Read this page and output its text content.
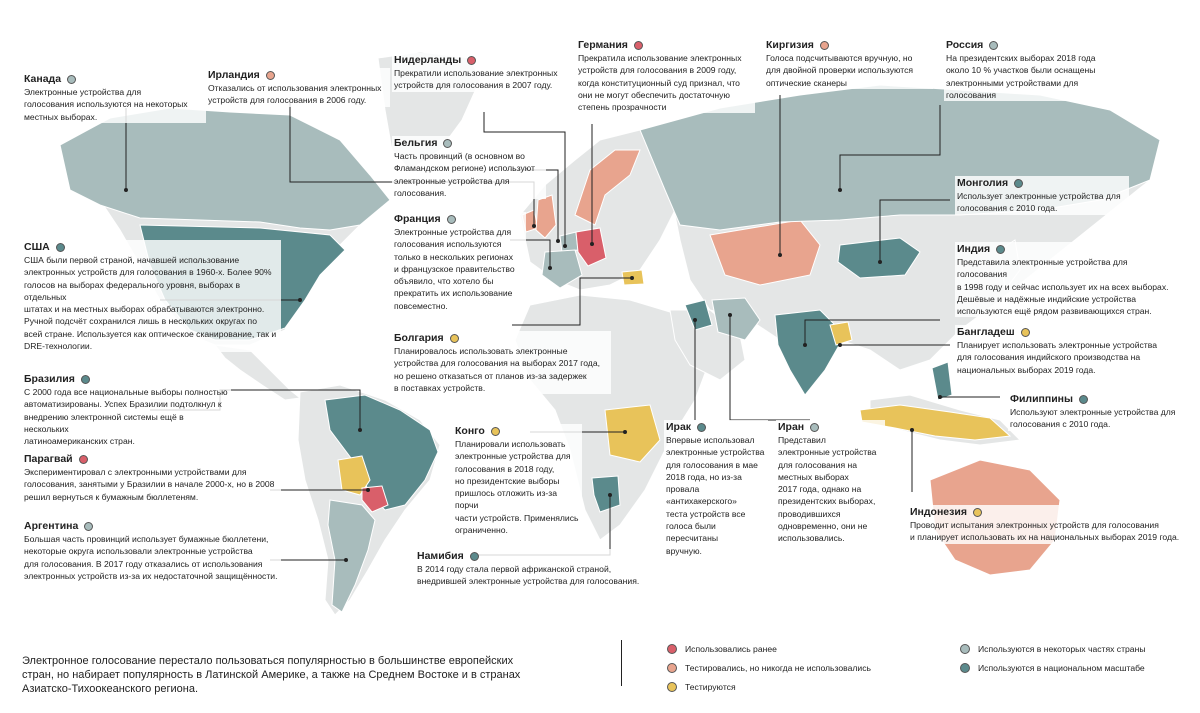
Канада
Электронные устройства для
голосования используются на некоторых
местных выборах.
Ирландия
Отказались от использования электронных
устройств для голосования в 2006 году.
Нидерланды
Прекратили использование электронных
устройств для голосования в 2007 году.
Германия
Прекратила использование электронных
устройств для голосования в 2009 году,
когда конституционный суд признал, что
они не могут обеспечить достаточную
степень прозрачности
Киргизия
Голоса подсчитываются вручную, но
для двойной проверки используются
оптические сканеры
Россия
На президентских выборах 2018 года
около 10 % участков были оснащены
электронными устройствами для
голосования
Бельгия
Часть провинций (в основном во
Фламандском регионе) используют
электронные устройства для
голосования.
Монголия
Использует электронные устройства для
голосования с 2010 года.
Франция
Электронные устройства для
голосования используются
только в нескольких регионах
и французское правительство
объявило, что хотело бы
прекратить их использование
повсеместно.
США
США были первой страной, начавшей использование
электронных устройств для голосования в 1960-х. Более 90%
голосов на выборах федерального уровня, выборах в отдельных
штатах и на местных выборах обрабатываются электронно.
Ручной подсчёт сохранился лишь в нескольких округах по
всей стране. Используется как оптическое сканирование, так и
DRE-технологии.
Индия
Представила электронные устройства для голосования
в 1998 году и сейчас использует их на всех выборах.
Дешёвые и надёжные индийские устройства
используются ещё рядом развивающихся стран.
Бангладеш
Планирует использовать электронные устройства
для голосования индийского производства на
национальных выборах 2019 года.
Болгария
Планировалось использовать электронные
устройства для голосования на выборах 2017 года,
но решено отказаться от планов из-за задержек
в поставках устройств.
Бразилия
С 2000 года все национальные выборы полностью
автоматизированы. Успех Бразилии подтолкнул к
внедрению электронной системы ещё в нескольких
латиноамериканских стран.
Филиппины
Используют электронные устройства для
голосования с 2010 года.
Конго
Планировали использовать
электронные устройства для
голосования в 2018 году,
но президентские выборы
пришлось отложить из-за порчи
части устройств. Применялись
ограниченно.
Ирак
Впервые использовал
электронные устройства
для голосования в мае
2018 года, но из-за
провала «антихакерского»
теста устройств все
голоса были пересчитаны
вручную.
Иран
Представил
электронные устройства
для голосования на
местных выборах
2017 года, однако на
президентских выборах,
проводившихся
одновременно, они не
использовались.
Парагвай
Экспериментировал с электронными устройствами для
голосования, занятыми у Бразилии в начале 2000-х, но в 2008
решил вернуться к бумажным бюллетеням.
Индонезия
Проводит испытания электронных устройств для голосования
и планирует использовать их на национальных выборах 2019 года.
Аргентина
Большая часть провинций использует бумажные бюллетени,
некоторые округа использовали электронные устройства
для голосования. В 2017 году отказались от использования
электронных устройств из-за их недостаточной защищённости.
Намибия
В 2014 году стала первой африканской страной,
внедрившей электронные устройства для голосования.
Электронное голосование перестало пользоваться популярностью в большинстве европейских стран, но набирает популярность в Латинской Америке, а также на Среднем Востоке и в странах Азиатско-Тихоокеанского региона.
Использовались ранее
Тестировались, но никогда не использовались
Тестируются
Используются в некоторых частях страны
Используются в национальном масштабе
